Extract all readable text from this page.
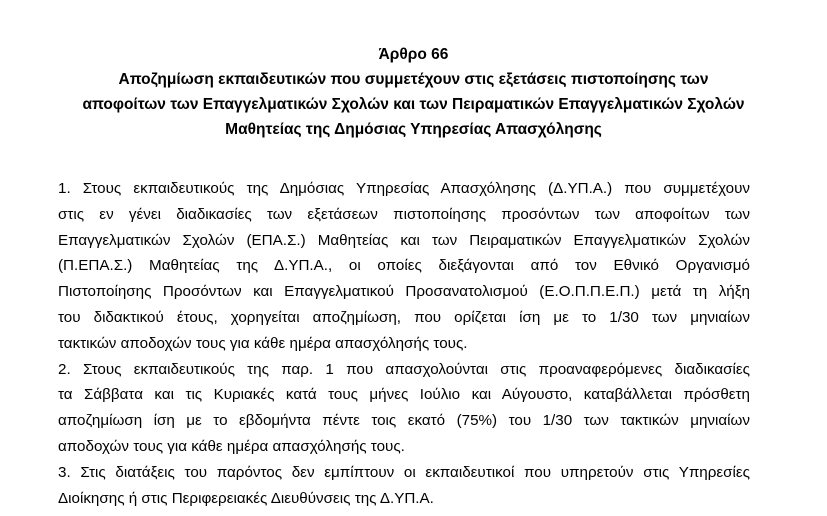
Άρθρο 66
Αποζημίωση εκπαιδευτικών που συμμετέχουν στις εξετάσεις πιστοποίησης των
αποφοίτων των Επαγγελματικών Σχολών και των Πειραματικών Επαγγελματικών Σχολών
Μαθητείας της Δημόσιας Υπηρεσίας Απασχόλησης
1. Στους εκπαιδευτικούς της Δημόσιας Υπηρεσίας Απασχόλησης (Δ.ΥΠ.Α.) που συμμετέχουν
στις εν γένει διαδικασίες των εξετάσεων πιστοποίησης προσόντων των αποφοίτων των
Επαγγελματικών Σχολών (ΕΠΑ.Σ.) Μαθητείας και των Πειραματικών Επαγγελματικών Σχολών
(Π.ΕΠΑ.Σ.) Μαθητείας της Δ.ΥΠ.Α., οι οποίες διεξάγονται από τον Εθνικό Οργανισμό
Πιστοποίησης Προσόντων και Επαγγελματικού Προσανατολισμού (Ε.Ο.Π.Π.Ε.Π.) μετά τη λήξη
του διδακτικού έτους, χορηγείται αποζημίωση, που ορίζεται ίση με το 1/30 των μηνιαίων
τακτικών αποδοχών τους για κάθε ημέρα απασχόλησής τους.
2. Στους εκπαιδευτικούς της παρ. 1 που απασχολούνται στις προαναφερόμενες διαδικασίες
τα Σάββατα και τις Κυριακές κατά τους μήνες Ιούλιο και Αύγουστο, καταβάλλεται πρόσθετη
αποζημίωση ίση με το εβδομήντα πέντε τοις εκατό (75%) του 1/30 των τακτικών μηνιαίων
αποδοχών τους για κάθε ημέρα απασχόλησής τους.
3. Στις διατάξεις του παρόντος δεν εμπίπτουν οι εκπαιδευτικοί που υπηρετούν στις Υπηρεσίες
Διοίκησης ή στις Περιφερειακές Διευθύνσεις της Δ.ΥΠ.Α.
